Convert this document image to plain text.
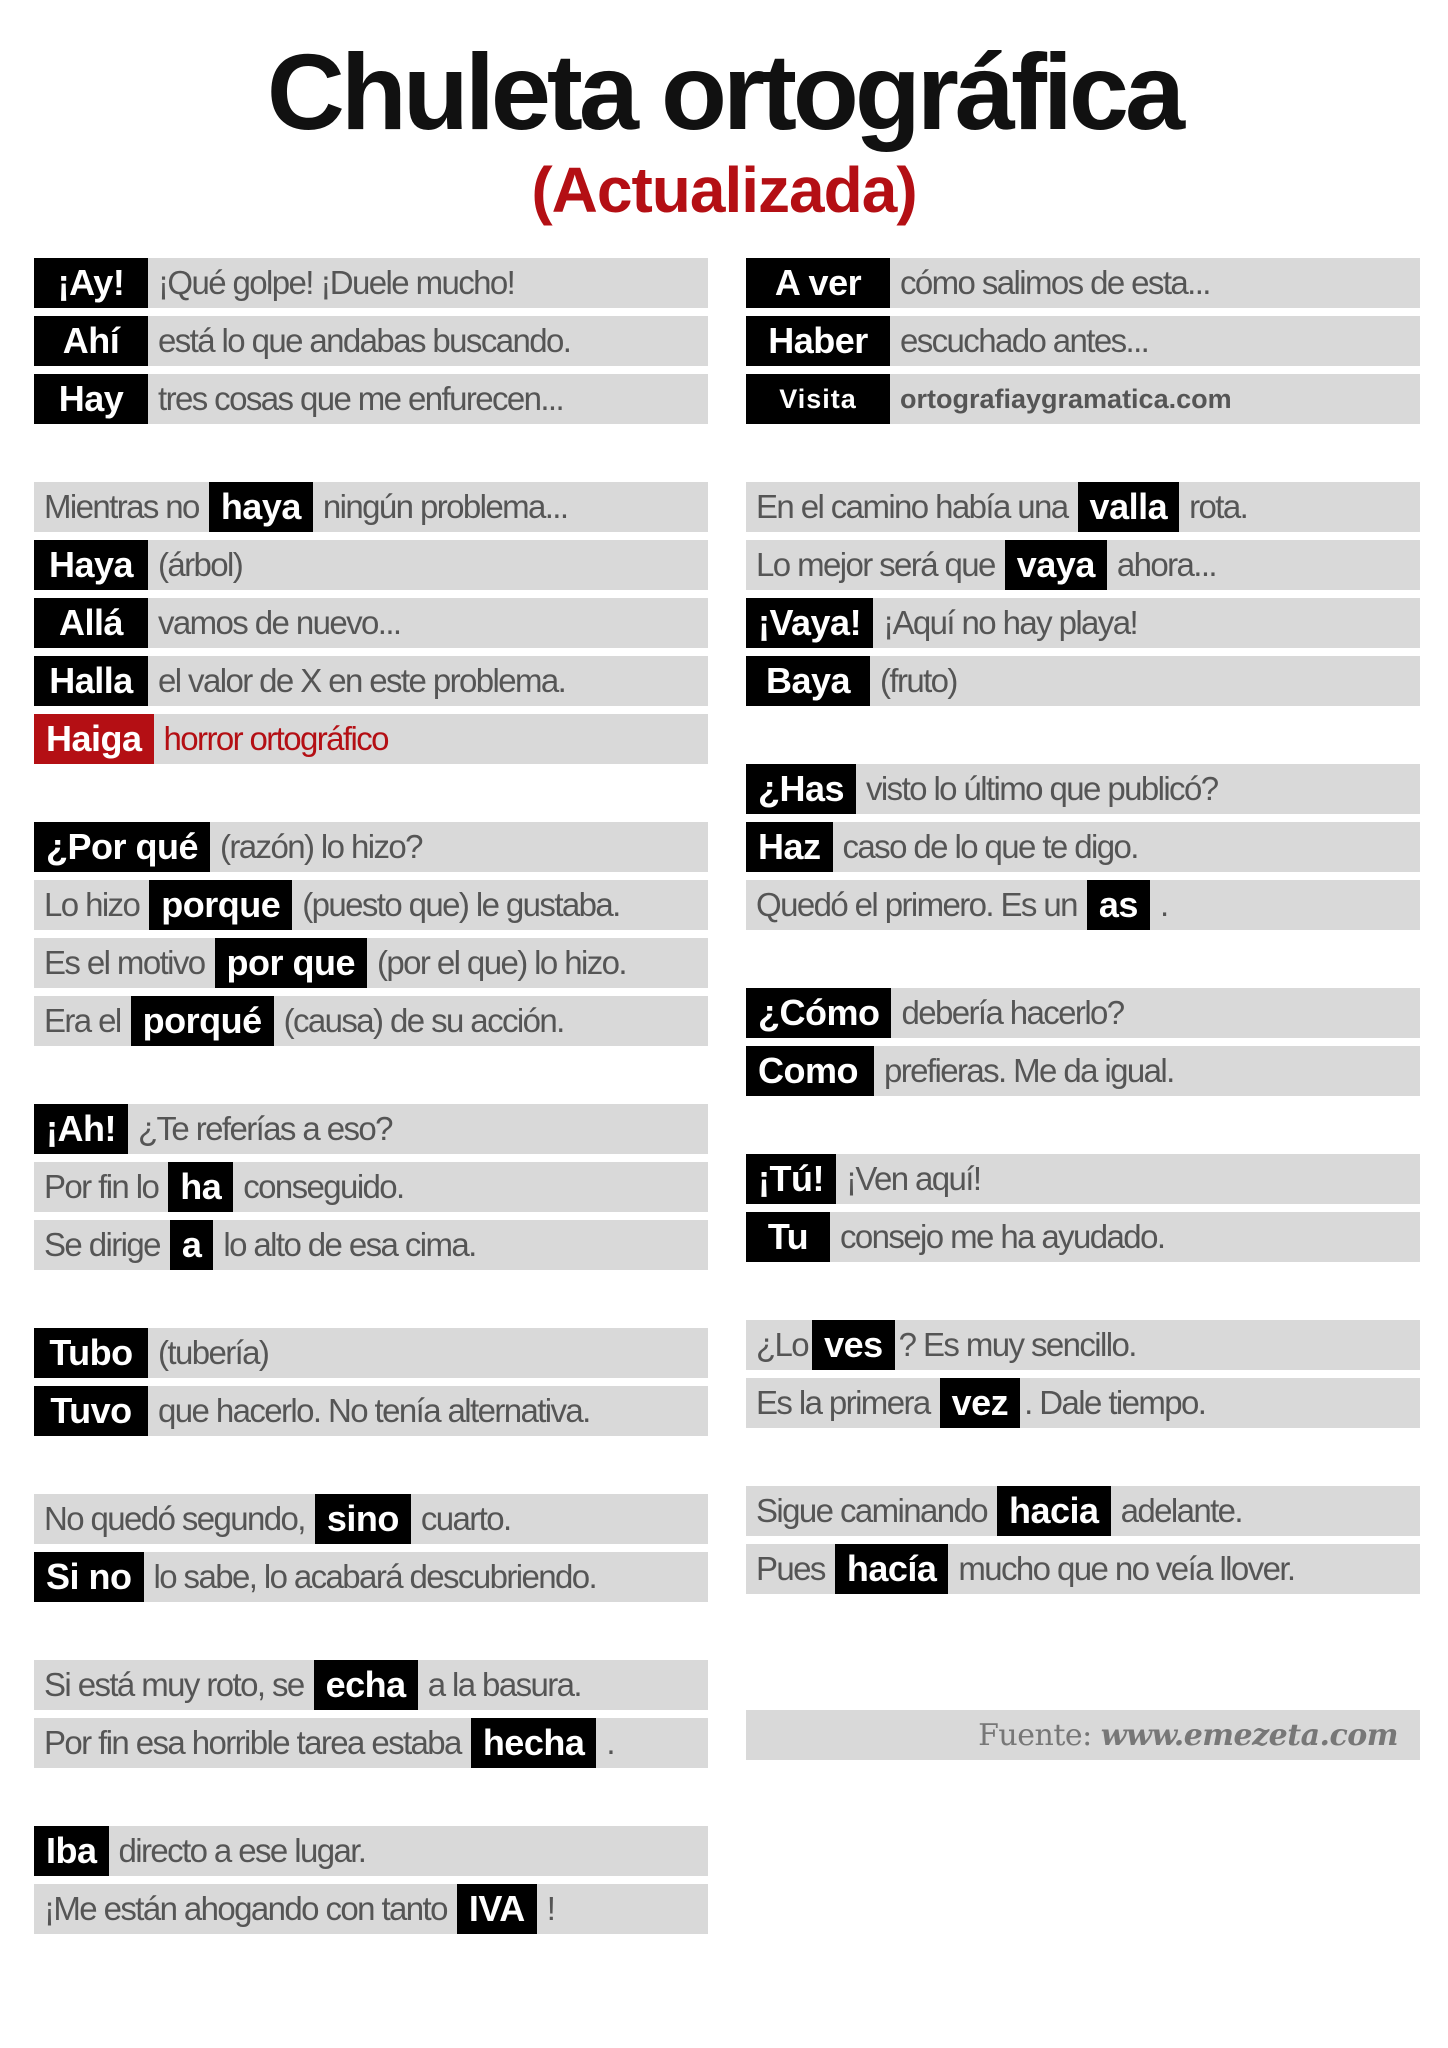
Chuleta ortográfica
(Actualizada)
¡Ay!	¡Qué golpe! ¡Duele mucho!
Ahí	está lo que andabas buscando.
Hay	tres cosas que me enfurecen...
Mientras no haya ningún problema...
Haya (árbol)
Allá	vamos de nuevo...
Halla el valor de X en este problema.
Haiga horror ortográfico
¿Por qué (razón) lo hizo?
Lo hizo porque (puesto que) le gustaba.
Es el motivo por que (por el que) lo hizo.
Era el porqué (causa) de su acción.
¡Ah! ¿Te referías a eso?
Por fin lo ha conseguido.
Se dirige a lo alto de esa cima.
Tubo (tubería)
Tuvo que hacerlo. No tenía alternativa.
No quedó segundo, sino cuarto.
Si no lo sabe, lo acabará descubriendo.
Si está muy roto, se echa a la basura.
Por fin esa horrible tarea estaba hecha .
Iba directo a ese lugar.
¡Me están ahogando con tanto IVA !
A ver	cómo salimos de esta...
Haber escuchado antes...
Visita	ortografiaygramatica.com
En el camino había una valla rota.
Lo mejor será que vaya ahora...
¡Vaya! ¡Aquí no hay playa!
Baya (fruto)
¿Has visto lo último que publicó?
Haz caso de lo que te digo.
Quedó el primero. Es un as .
¿Cómo debería hacerlo?
Como prefieras. Me da igual.
¡Tú! ¡Ven aquí!
Tu consejo me ha ayudado.
¿Lo ves ? Es muy sencillo.
Es la primera vez . Dale tiempo.
Sigue caminando hacia adelante.
Pues hacía mucho que no veía llover.
Fuente: www.emezeta.com
